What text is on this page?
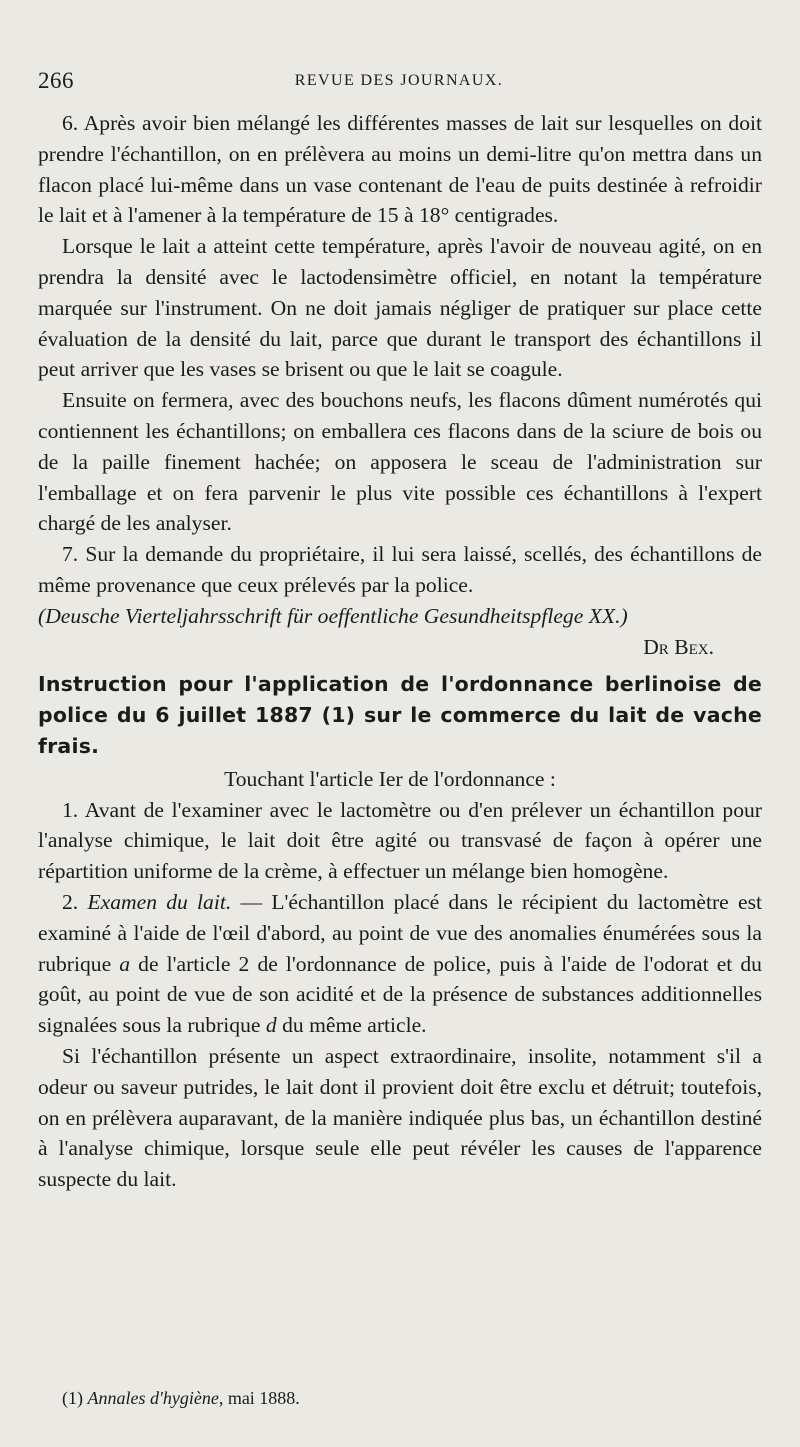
266	REVUE DES JOURNAUX.

6. Après avoir bien mélangé les différentes masses de lait sur lesquelles on doit prendre l'échantillon, on en prélèvera au moins un demi-litre qu'on mettra dans un flacon placé lui-même dans un vase contenant de l'eau de puits destinée à refroidir le lait et à l'amener à la température de 15 à 18° centigrades.

Lorsque le lait a atteint cette température, après l'avoir de nouveau agité, on en prendra la densité avec le lactodensimètre officiel, en notant la température marquée sur l'instrument. On ne doit jamais négliger de pratiquer sur place cette évaluation de la densité du lait, parce que durant le transport des échantillons il peut arriver que les vases se brisent ou que le lait se coagule.

Ensuite on fermera, avec des bouchons neufs, les flacons dûment numérotés qui contiennent les échantillons; on emballera ces flacons dans de la sciure de bois ou de la paille finement hachée; on apposera le sceau de l'administration sur l'emballage et on fera parvenir le plus vite possible ces échantillons à l'expert chargé de les analyser.

7. Sur la demande du propriétaire, il lui sera laissé, scellés, des échantillons de même provenance que ceux prélevés par la police.

(Deusche Vierteljahrsschrift für oeffentliche Gesundheitspflege XX.)

Dr Bex.

Instruction pour l'application de l'ordonnance berlinoise de police du 6 juillet 1887 (1) sur le commerce du lait de vache frais.

Touchant l'article Ier de l'ordonnance :

1. Avant de l'examiner avec le lactomètre ou d'en prélever un échantillon pour l'analyse chimique, le lait doit être agité ou transvasé de façon à opérer une répartition uniforme de la crème, à effectuer un mélange bien homogène.

2. Examen du lait. — L'échantillon placé dans le récipient du lactomètre est examiné à l'aide de l'œil d'abord, au point de vue des anomalies énumérées sous la rubrique a de l'article 2 de l'ordonnance de police, puis à l'aide de l'odorat et du goût, au point de vue de son acidité et de la présence de substances additionnelles signalées sous la rubrique d du même article.

Si l'échantillon présente un aspect extraordinaire, insolite, notamment s'il a odeur ou saveur putrides, le lait dont il provient doit être exclu et détruit; toutefois, on en prélèvera auparavant, de la manière indiquée plus bas, un échantillon destiné à l'analyse chimique, lorsque seule elle peut révéler les causes de l'apparence suspecte du lait.

(1) Annales d'hygiène, mai 1888.
